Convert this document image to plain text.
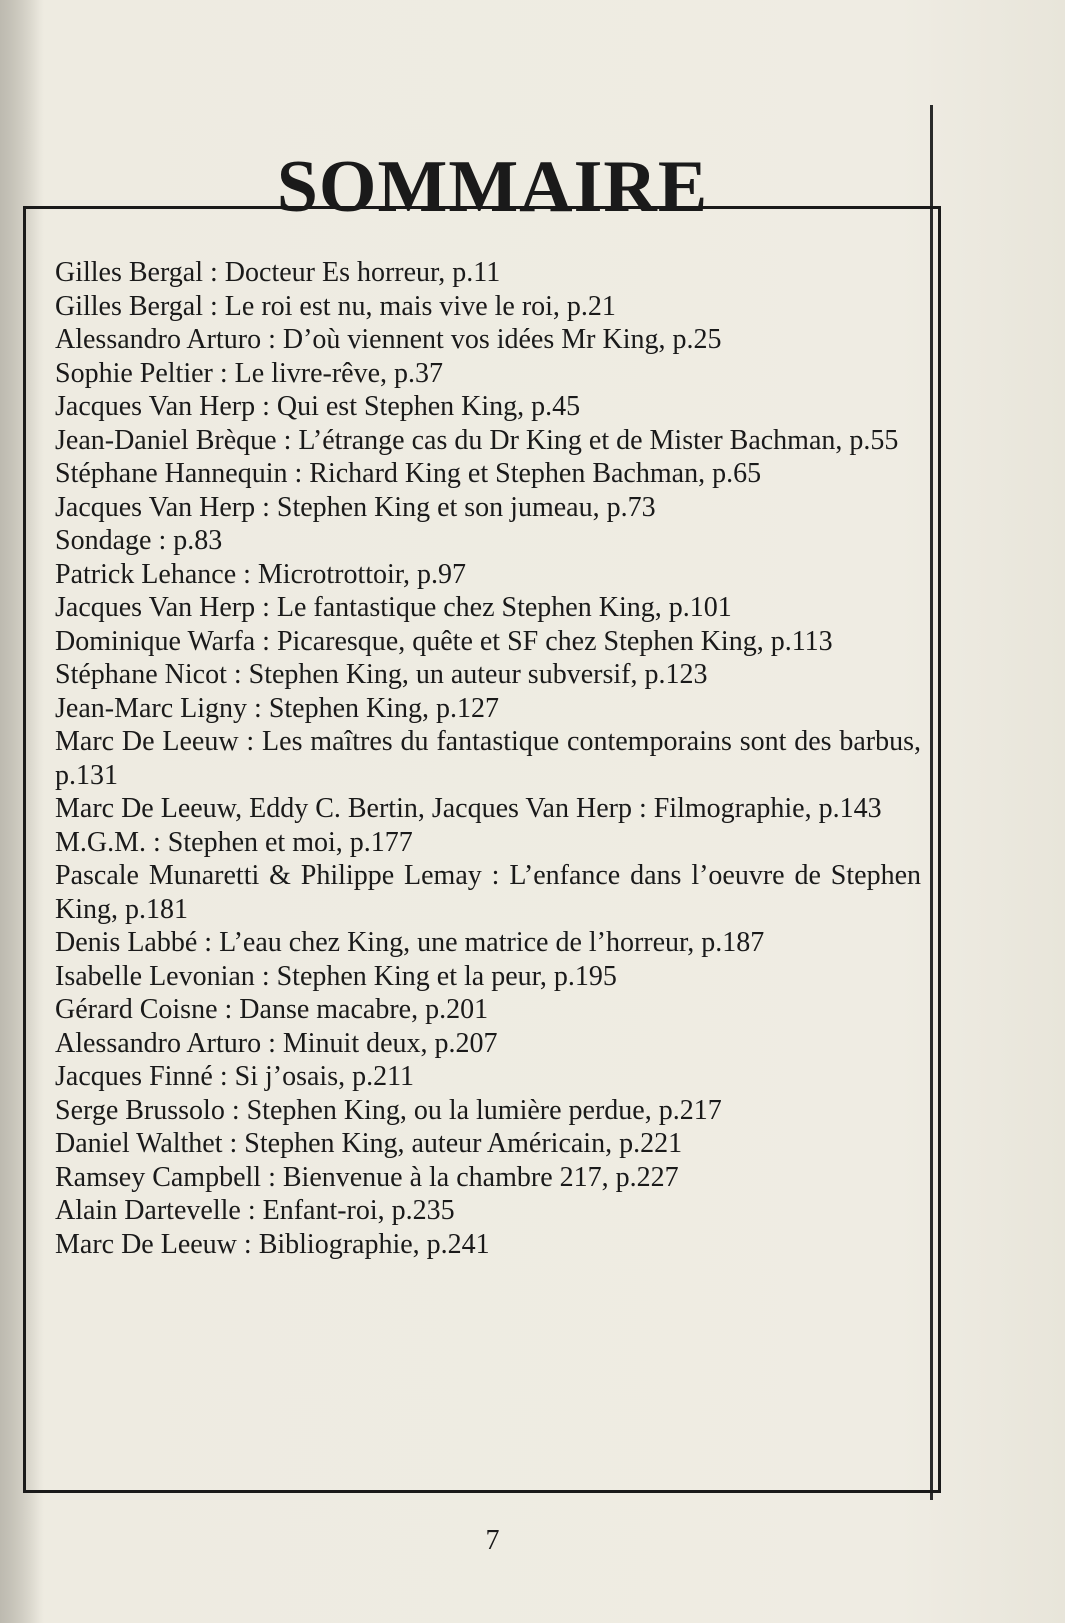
SOMMAIRE
Gilles Bergal : Docteur Es horreur, p.11
Gilles Bergal : Le roi est nu, mais vive le roi, p.21
Alessandro Arturo : D’où viennent vos idées Mr King, p.25
Sophie Peltier : Le livre-rêve, p.37
Jacques Van Herp : Qui est Stephen King, p.45
Jean-Daniel Brèque : L’étrange cas du Dr King et de Mister Bachman, p.55
Stéphane Hannequin : Richard King et Stephen Bachman, p.65
Jacques Van Herp : Stephen King et son jumeau, p.73
Sondage : p.83
Patrick Lehance : Microtrottoir, p.97
Jacques Van Herp : Le fantastique chez Stephen King, p.101
Dominique Warfa : Picaresque, quête et SF chez Stephen King, p.113
Stéphane Nicot : Stephen King, un auteur subversif, p.123
Jean-Marc Ligny : Stephen King, p.127
Marc De Leeuw : Les maîtres du fantastique contemporains sont des barbus, p.131
Marc De Leeuw, Eddy C. Bertin, Jacques Van Herp : Filmographie, p.143
M.G.M. : Stephen et moi, p.177
Pascale Munaretti & Philippe Lemay : L’enfance dans l’oeuvre de Stephen King, p.181
Denis Labbé : L’eau chez King, une matrice de l’horreur, p.187
Isabelle Levonian : Stephen King et la peur, p.195
Gérard Coisne : Danse macabre, p.201
Alessandro Arturo : Minuit deux, p.207
Jacques Finné : Si j’osais, p.211
Serge Brussolo : Stephen King, ou la lumière perdue, p.217
Daniel Walthet : Stephen King, auteur Américain, p.221
Ramsey Campbell : Bienvenue à la chambre 217, p.227
Alain Dartevelle : Enfant-roi, p.235
Marc De Leeuw : Bibliographie, p.241
7
